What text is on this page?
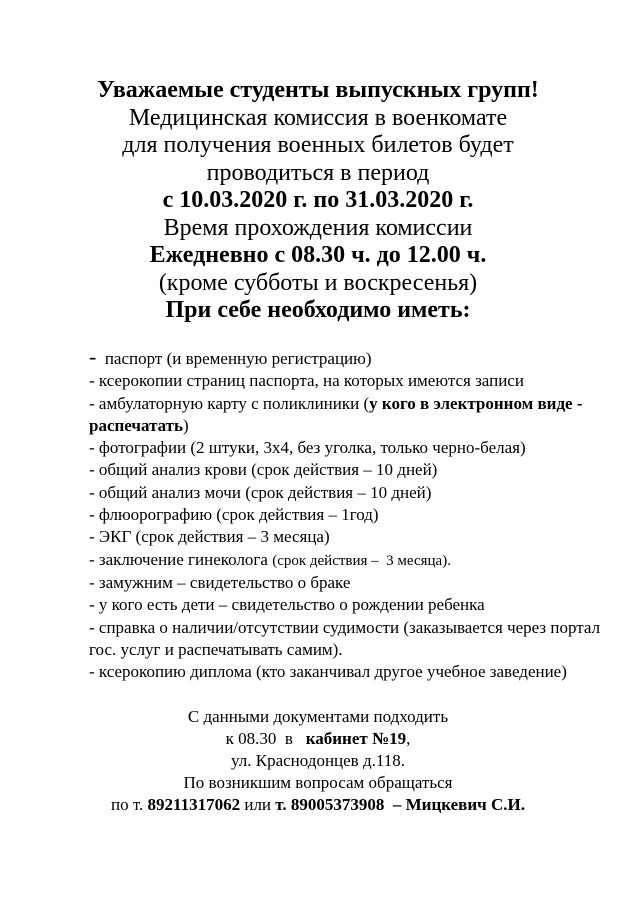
Уважаемые студенты выпускных групп!
Медицинская комиссия в военкомате
для получения военных билетов будет
проводиться в период
с 10.03.2020 г. по 31.03.2020 г.
Время прохождения комиссии
Ежедневно с 08.30 ч. до 12.00 ч.
(кроме субботы и воскресенья)
При себе необходимо иметь:
- паспорт (и временную регистрацию)
- ксерокопии страниц паспорта, на которых имеются записи
- амбулаторную карту с поликлиники (у кого в электронном виде - распечатать)
- фотографии (2 штуки, 3х4, без уголка, только черно-белая)
- общий анализ крови (срок действия – 10 дней)
- общий анализ мочи (срок действия – 10 дней)
- флюорографию (срок действия – 1год)
- ЭКГ (срок действия – 3 месяца)
- заключение гинеколога (срок действия –  3 месяца).
- замужним – свидетельство о браке
- у кого есть дети – свидетельство о рождении ребенка
- справка о наличии/отсутствии судимости (заказывается через портал гос. услуг и распечатывать самим).
- ксерокопию диплома (кто заканчивал другое учебное заведение)
С данными документами подходить
к 08.30  в   кабинет №19,
ул. Краснодонцев д.118.
По возникшим вопросам обращаться
по т. 89211317062 или т. 89005373908  – Мицкевич С.И.
